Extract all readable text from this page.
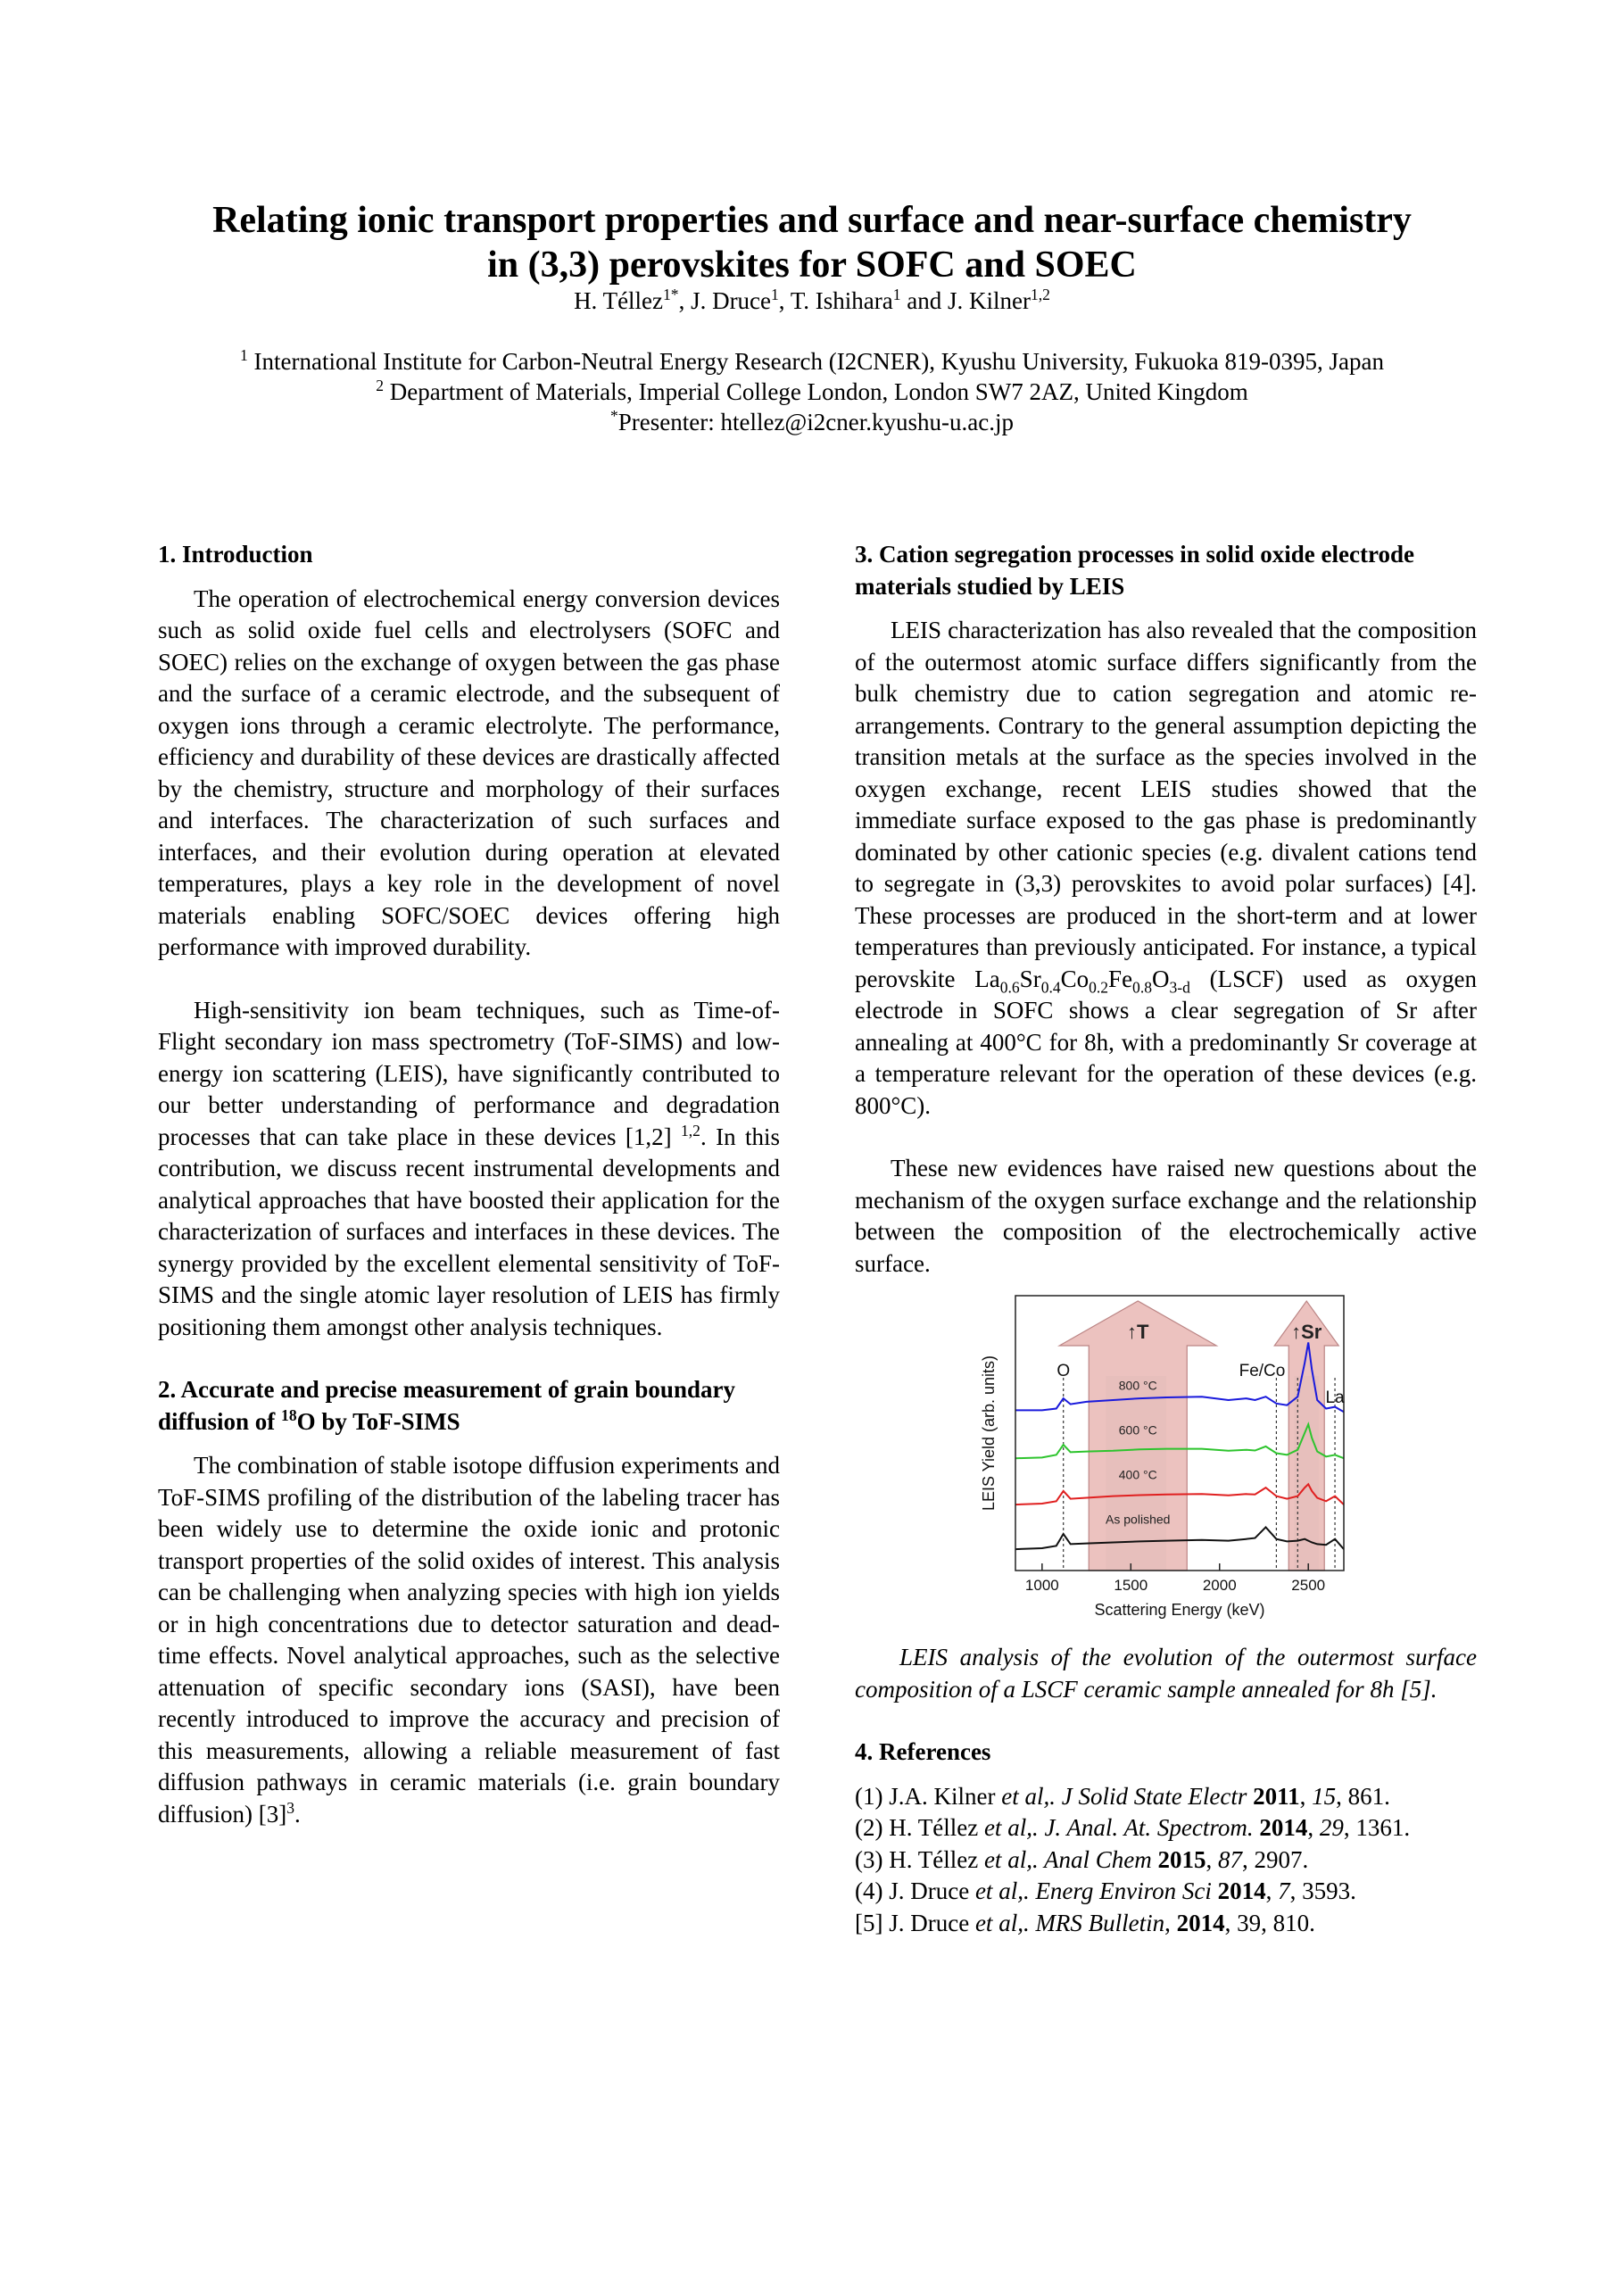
Relating ionic transport properties and surface and near-surface chemistry
in (3,3) perovskites for SOFC and SOEC
H. Téllez$^{1*}$, J. Druce$^1$, T. Ishihara$^1$ and J. Kilner$^{1,2}$
$^1$ International Institute for Carbon-Neutral Energy Research (I2CNER), Kyushu University, Fukuoka 819-0395, Japan
$^2$ Department of Materials, Imperial College London, London SW7 2AZ, United Kingdom
*Presenter: htellez@i2cner.kyushu-u.ac.jp

1. Introduction

The operation of electrochemical energy conversion devices such as solid oxide fuel cells and electrolysers (SOFC and SOEC) relies on the exchange of oxygen between the gas phase and the surface of a ceramic electrode, and the subsequent of oxygen ions through a ceramic electrolyte. The performance, efficiency and durability of these devices are drastically affected by the chemistry, structure and morphology of their surfaces and interfaces. The characterization of such surfaces and interfaces, and their evolution during operation at elevated temperatures, plays a key role in the development of novel materials enabling SOFC/SOEC devices offering high performance with improved durability.

High-sensitivity ion beam techniques, such as Time-of-Flight secondary ion mass spectrometry (ToF-SIMS) and low-energy ion scattering (LEIS), have significantly contributed to our better understanding of performance and degradation processes that can take place in these devices [1,2] $^{1,2}$. In this contribution, we discuss recent instrumental developments and analytical approaches that have boosted their application for the characterization of surfaces and interfaces in these devices. The synergy provided by the excellent elemental sensitivity of ToF-SIMS and the single atomic layer resolution of LEIS has firmly positioning them amongst other analysis techniques.

2. Accurate and precise measurement of grain boundary diffusion of $^{18}$O by ToF-SIMS

The combination of stable isotope diffusion experiments and ToF-SIMS profiling of the distribution of the labeling tracer has been widely use to determine the oxide ionic and protonic transport properties of the solid oxides of interest. This analysis can be challenging when analyzing species with high ion yields or in high concentrations due to detector saturation and dead-time effects. Novel analytical approaches, such as the selective attenuation of specific secondary ions (SASI), have been recently introduced to improve the accuracy and precision of this measurements, allowing a reliable measurement of fast diffusion pathways in ceramic materials (i.e. grain boundary diffusion) $[3]^3$.

3. Cation segregation processes in solid oxide electrode materials studied by LEIS

LEIS characterization has also revealed that the composition of the outermost atomic surface differs significantly from the bulk chemistry due to cation segregation and atomic re-arrangements. Contrary to the general assumption depicting the transition metals at the surface as the species involved in the oxygen exchange, recent LEIS studies showed that the immediate surface exposed to the gas phase is predominantly dominated by other cationic species (e.g. divalent cations tend to segregate in (3,3) perovskites to avoid polar surfaces) [4]. These processes are produced in the short-term and at lower temperatures than previously anticipated. For instance, a typical perovskite $La_{0.6}Sr_{0.4}Co_{0.2}Fe_{0.8}O_{3-d}$ (LSCF) used as oxygen electrode in SOFC shows a clear segregation of Sr after annealing at 400°C for 8h, with a predominantly Sr coverage at a temperature relevant for the operation of these devices (e.g. 800°C).

These new evidences have raised new questions about the mechanism of the oxygen surface exchange and the relationship between the composition of the electrochemically active surface.

↑T	↑Sr
800 °C
600 °C
400 °C
As polished
1000	1500	2000	2500
Scattering Energy (keV)
LEIS Yield (arb. units)	O	Fe/Co
La

LEIS analysis of the evolution of the outermost surface composition of a LSCF ceramic sample annealed for 8h [5].

4. References

(1) J.A. Kilner et al,. J Solid State Electr 2011, 15, 861.

(2) H. Téllez et al,. J. Anal. At. Spectrom. 2014, 29, 1361.

(3) H. Téllez et al,. Anal Chem 2015, 87, 2907.

(4) J. Druce et al,. Energ Environ Sci 2014, 7, 3593.

[5] J. Druce et al,. MRS Bulletin, 2014, 39, 810.
